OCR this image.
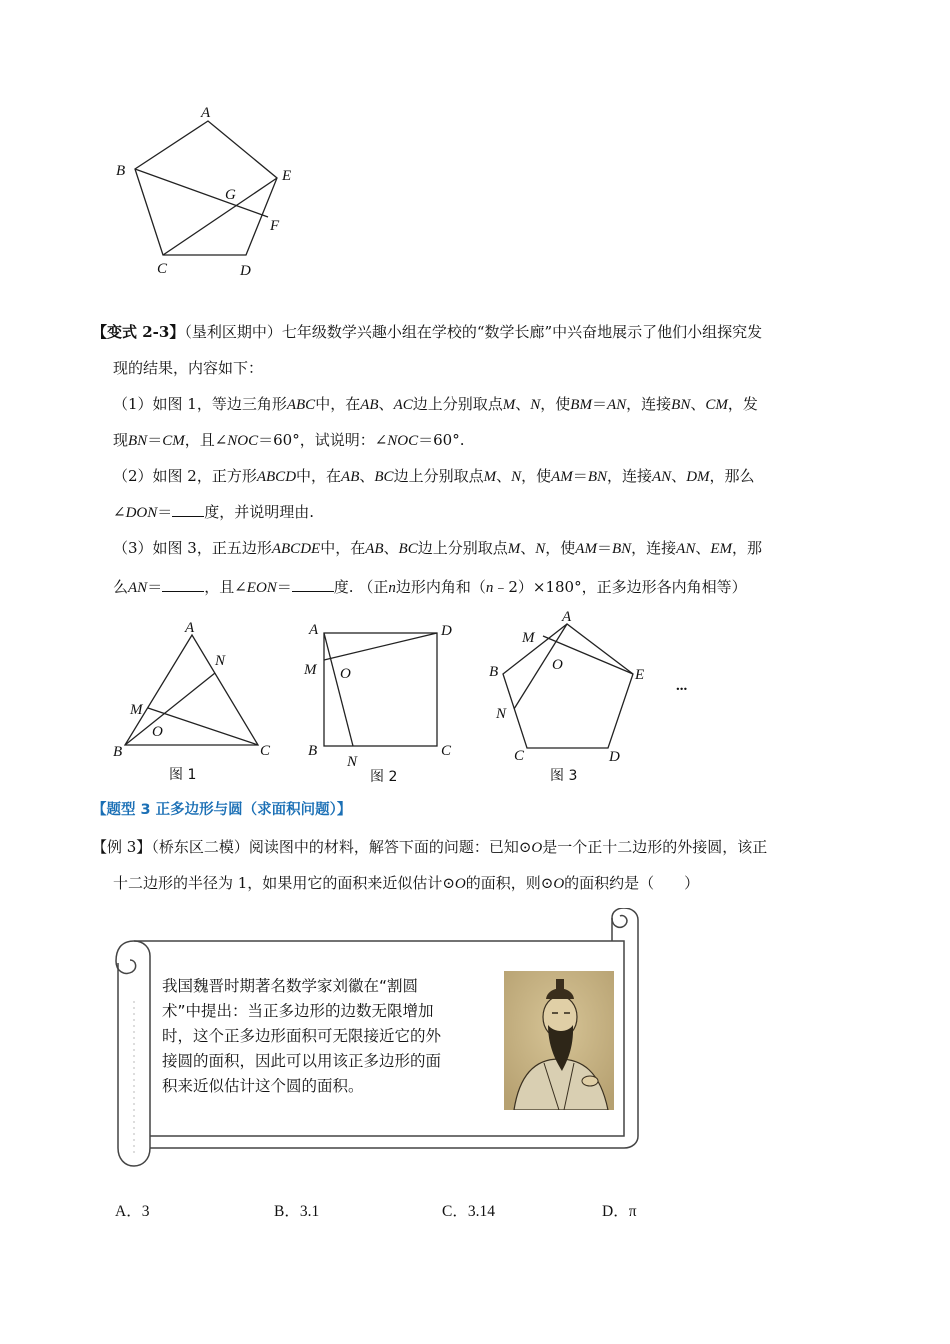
A
B	E
G
F
C	D
【变式 2-3】（垦利区期中）七年级数学兴趣小组在学校的“数学长廊”中兴奋地展示了他们小组探究发
现的结果，内容如下：
（1）如图 1，等边三角形ABC中，在AB、AC边上分别取点M、N，使BM＝AN，连接BN、CM，发
现BN＝CM，且∠NOC＝60°，试说明：∠NOC＝60°.
（2）如图 2，正方形ABCD中，在AB、BC边上分别取点M、N，使AM＝BN，连接AN、DM，那么
∠DON＝ 度，并说明理由.
（3）如图 3，正五边形ABCDE中，在AB、BC边上分别取点M、N，使AM＝BN，连接AN、EM，那
么AN＝	，且∠EON＝	度. （正n边形内角和（n﹣2）×180°，正多边形各内角相等）
A
N
M
O
B	C
图 1
A	D
M O
B
N
C
图 2
A
M
O
B	E
N
C	D
图 3
...
【题型 3 正多边形与圆（求面积问题）】
【例 3】（桥东区二模）阅读图中的材料，解答下面的问题：已知⊙O是一个正十二边形的外接圆，该正
十二边形的半径为 1，如果用它的面积来近似估计⊙O的面积，则⊙O的面积约是（　　）
我国魏晋时期著名数学家刘徽在“割圆
术”中提出：当正多边形的边数无限增加
时，这个正多边形面积可无限接近它的外
接圆的面积，因此可以用该正多边形的面
积来近似估计这个圆的面积。
A．3	B．3.1	C．3.14	D．π
